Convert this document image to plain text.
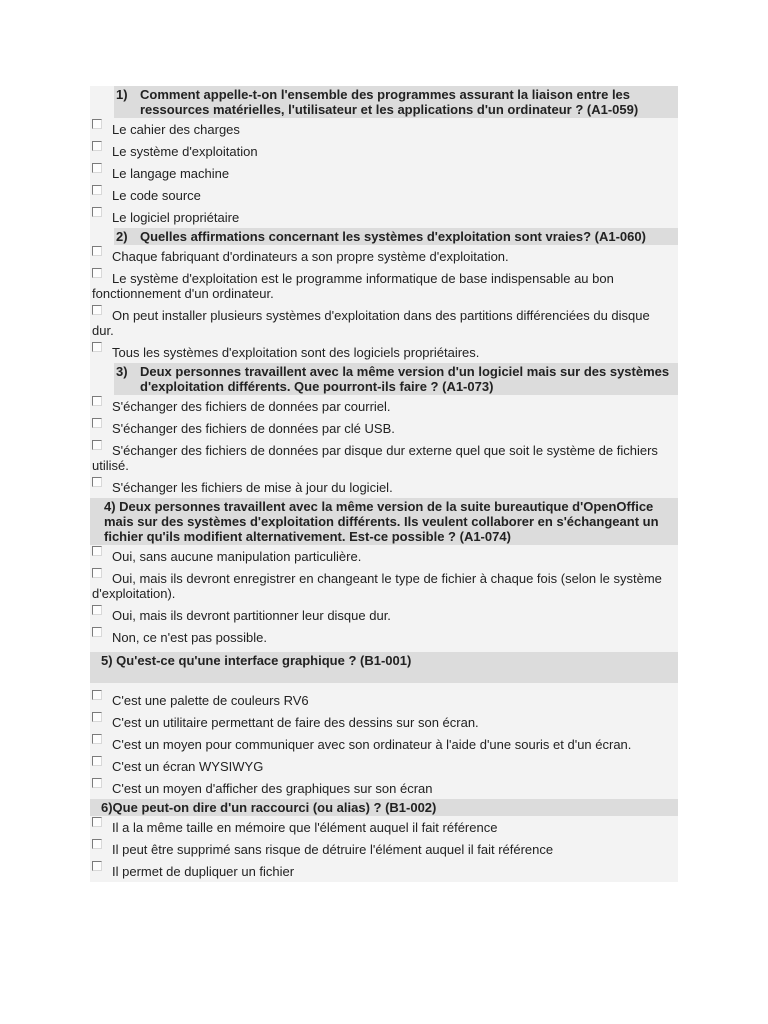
1) Comment appelle-t-on l'ensemble des programmes assurant la liaison entre les ressources matérielles, l'utilisateur et les applications d'un ordinateur ? (A1-059)
Le cahier des charges
Le système d'exploitation
Le langage machine
Le code source
Le logiciel propriétaire
2) Quelles affirmations concernant les systèmes d'exploitation sont vraies? (A1-060)
Chaque fabriquant d'ordinateurs a son propre système d'exploitation.
Le système d'exploitation est le programme informatique de base indispensable au bon fonctionnement d'un ordinateur.
On peut installer plusieurs systèmes d'exploitation dans des partitions différenciées du disque dur.
Tous les systèmes d'exploitation sont des logiciels propriétaires.
3) Deux personnes travaillent avec la même version d'un logiciel mais sur des systèmes d'exploitation différents. Que pourront-ils faire ? (A1-073)
S'échanger des fichiers de données par courriel.
S'échanger des fichiers de données par clé USB.
S'échanger des fichiers de données par disque dur externe quel que soit le système de fichiers utilisé.
S'échanger les fichiers de mise à jour du logiciel.
4) Deux personnes travaillent avec la même version de la suite bureautique d'OpenOffice mais sur des systèmes d'exploitation différents. Ils veulent collaborer en s'échangeant un fichier qu'ils modifient alternativement. Est-ce possible ? (A1-074)
Oui, sans aucune manipulation particulière.
Oui, mais ils devront enregistrer en changeant le type de fichier à chaque fois (selon le système d'exploitation).
Oui, mais ils devront partitionner leur disque dur.
Non, ce n'est pas possible.
5) Qu'est-ce qu'une interface graphique ? (B1-001)
C'est une palette de couleurs RV6
C'est un utilitaire permettant de faire des dessins sur son écran.
C'est un moyen pour communiquer avec son ordinateur à l'aide d'une souris et d'un écran.
C'est un écran WYSIWYG
C'est un moyen d'afficher des graphiques sur son écran
6)Que peut-on dire d'un raccourci (ou alias) ? (B1-002)
Il a la même taille en mémoire que l'élément auquel il fait référence
Il peut être supprimé sans risque de détruire l'élément auquel il fait référence
Il permet de dupliquer un fichier
